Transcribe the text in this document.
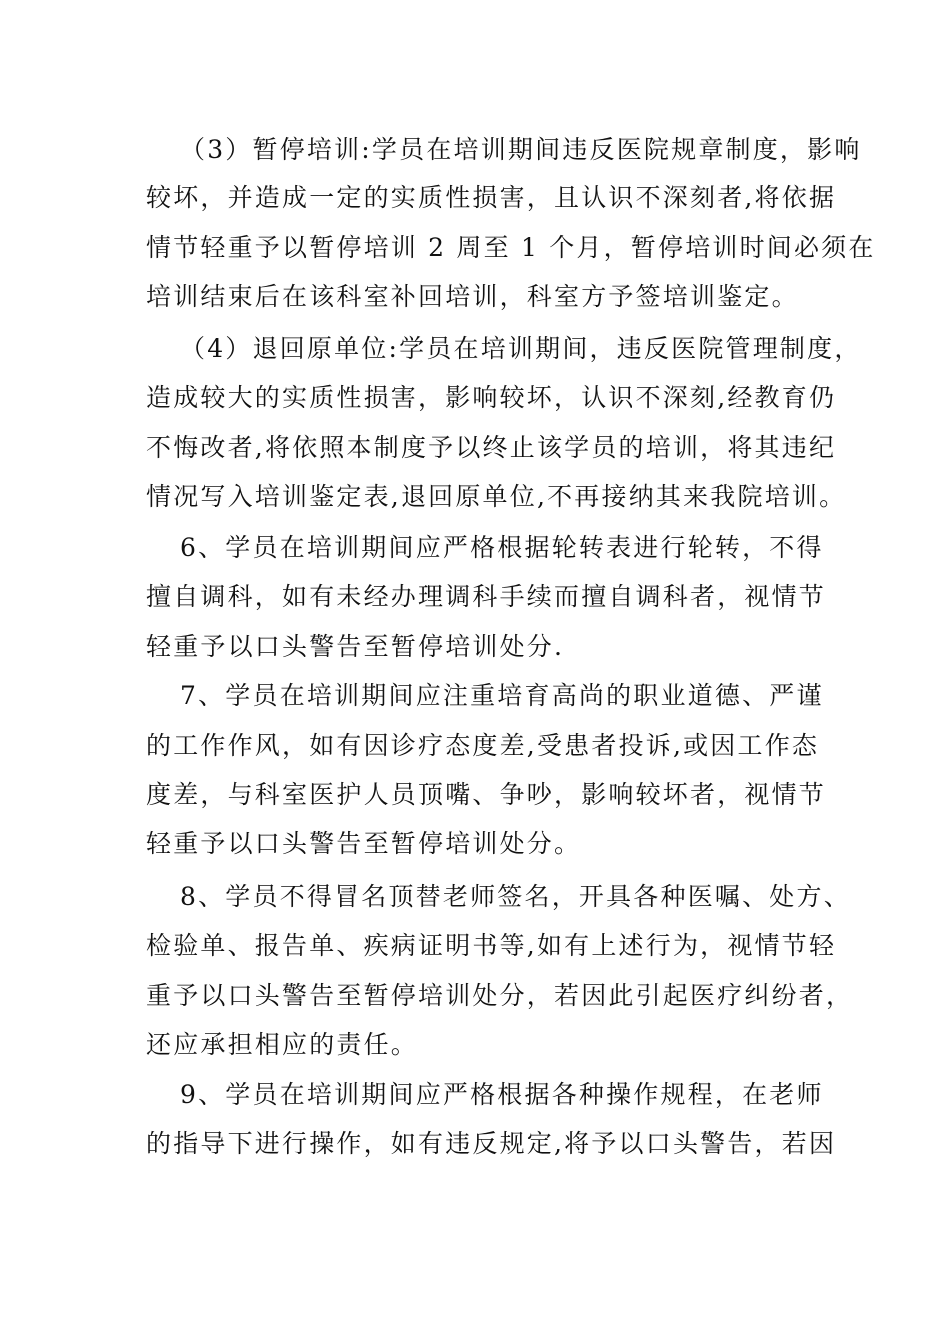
（3）暂停培训:学员在培训期间违反医院规章制度，影响
较坏，并造成一定的实质性损害，且认识不深刻者,将依据
情节轻重予以暂停培训 2 周至 1 个月，暂停培训时间必须在
培训结束后在该科室补回培训，科室方予签培训鉴定。
（4）退回原单位:学员在培训期间，违反医院管理制度，
造成较大的实质性损害，影响较坏，认识不深刻,经教育仍
不悔改者,将依照本制度予以终止该学员的培训，将其违纪
情况写入培训鉴定表,退回原单位,不再接纳其来我院培训。
6、学员在培训期间应严格根据轮转表进行轮转，不得
擅自调科，如有未经办理调科手续而擅自调科者，视情节
轻重予以口头警告至暂停培训处分.
7、学员在培训期间应注重培育高尚的职业道德、严谨
的工作作风，如有因诊疗态度差,受患者投诉,或因工作态
度差，与科室医护人员顶嘴、争吵，影响较坏者，视情节
轻重予以口头警告至暂停培训处分。
8、学员不得冒名顶替老师签名，开具各种医嘱、处方、
检验单、报告单、疾病证明书等,如有上述行为，视情节轻
重予以口头警告至暂停培训处分，若因此引起医疗纠纷者，
还应承担相应的责任。
9、学员在培训期间应严格根据各种操作规程，在老师
的指导下进行操作，如有违反规定,将予以口头警告，若因
